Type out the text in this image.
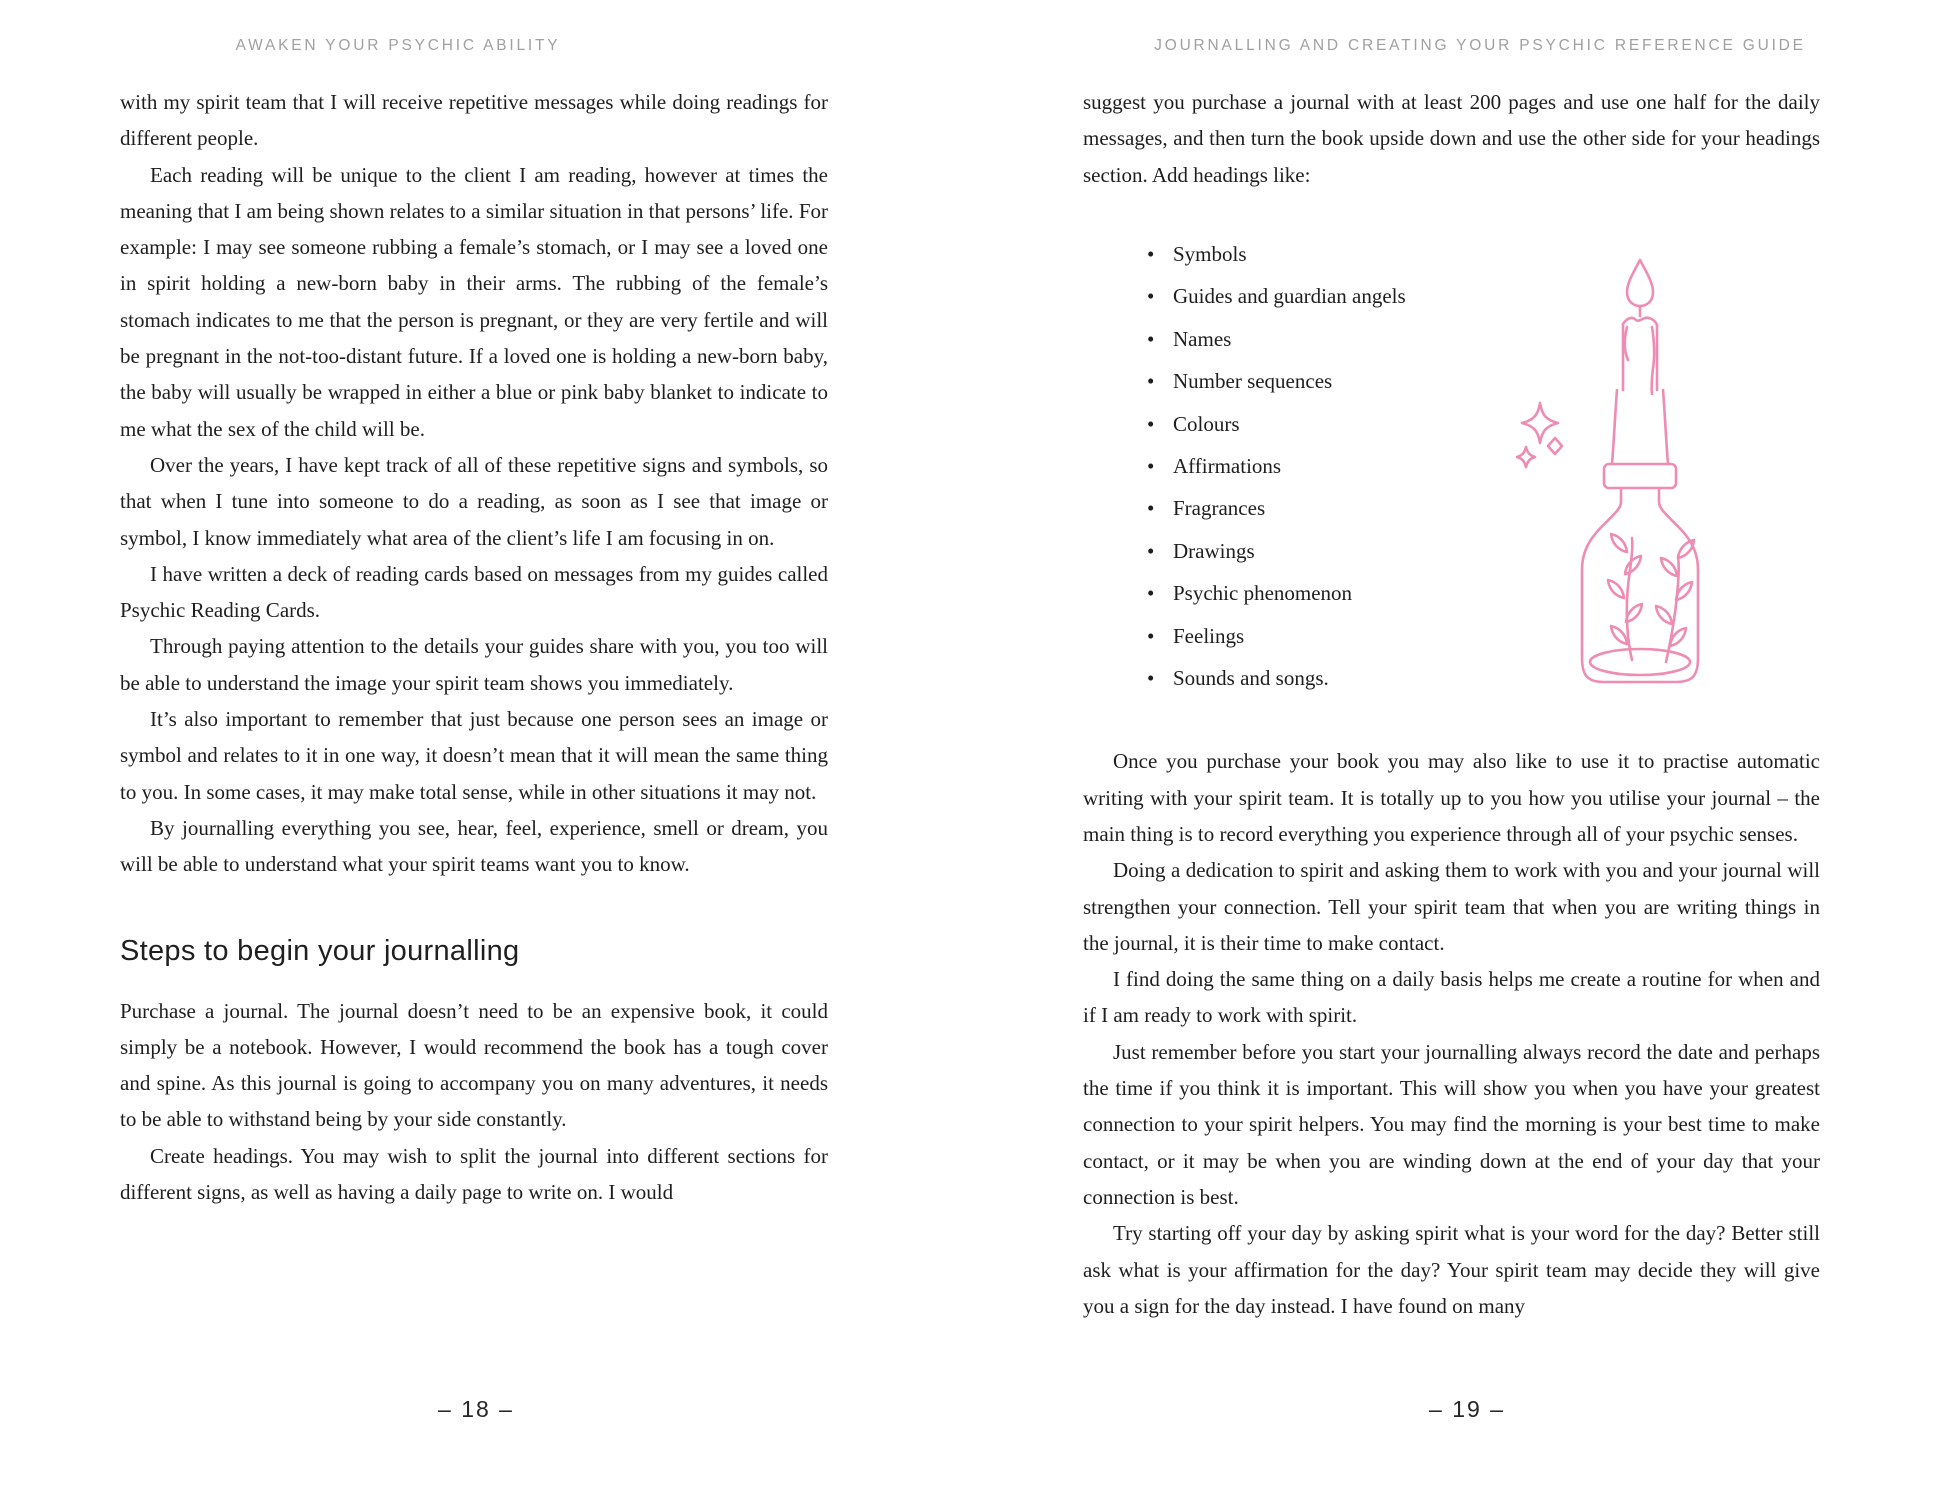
AWAKEN YOUR PSYCHIC ABILITY	JOURNALLING AND CREATING YOUR PSYCHIC REFERENCE GUIDE

with my spirit team that I will receive repetitive messages while doing readings for different people.

Each reading will be unique to the client I am reading, however at times the meaning that I am being shown relates to a similar situation in that persons’ life. For example: I may see someone rubbing a female’s stomach, or I may see a loved one in spirit holding a new-born baby in their arms. The rubbing of the female’s stomach indicates to me that the person is pregnant, or they are very fertile and will be pregnant in the not-too-distant future. If a loved one is holding a new-born baby, the baby will usually be wrapped in either a blue or pink baby blanket to indicate to me what the sex of the child will be.

Over the years, I have kept track of all of these repetitive signs and symbols, so that when I tune into someone to do a reading, as soon as I see that image or symbol, I know immediately what area of the client’s life I am focusing in on.

I have written a deck of reading cards based on messages from my guides called Psychic Reading Cards.

Through paying attention to the details your guides share with you, you too will be able to understand the image your spirit team shows you immediately.

It’s also important to remember that just because one person sees an image or symbol and relates to it in one way, it doesn’t mean that it will mean the same thing to you. In some cases, it may make total sense, while in other situations it may not.

By journalling everything you see, hear, feel, experience, smell or dream, you will be able to understand what your spirit teams want you to know.

Steps to begin your journalling

Purchase a journal. The journal doesn’t need to be an expensive book, it could simply be a notebook. However, I would recommend the book has a tough cover and spine. As this journal is going to accompany you on many adventures, it needs to be able to withstand being by your side constantly.

Create headings. You may wish to split the journal into different sections for different signs, as well as having a daily page to write on. I would

suggest you purchase a journal with at least 200 pages and use one half for the daily messages, and then turn the book upside down and use the other side for your headings section. Add headings like:

• Symbols
• Guides and guardian angels
• Names
• Number sequences
• Colours
• Affirmations
• Fragrances
• Drawings
• Psychic phenomenon
• Feelings
• Sounds and songs.

Once you purchase your book you may also like to use it to practise automatic writing with your spirit team. It is totally up to you how you utilise your journal – the main thing is to record everything you experience through all of your psychic senses.

Doing a dedication to spirit and asking them to work with you and your journal will strengthen your connection. Tell your spirit team that when you are writing things in the journal, it is their time to make contact.

I find doing the same thing on a daily basis helps me create a routine for when and if I am ready to work with spirit.

Just remember before you start your journalling always record the date and perhaps the time if you think it is important. This will show you when you have your greatest connection to your spirit helpers. You may find the morning is your best time to make contact, or it may be when you are winding down at the end of your day that your connection is best.

Try starting off your day by asking spirit what is your word for the day? Better still ask what is your affirmation for the day? Your spirit team may decide they will give you a sign for the day instead. I have found on many

– 18 –	– 19 –
